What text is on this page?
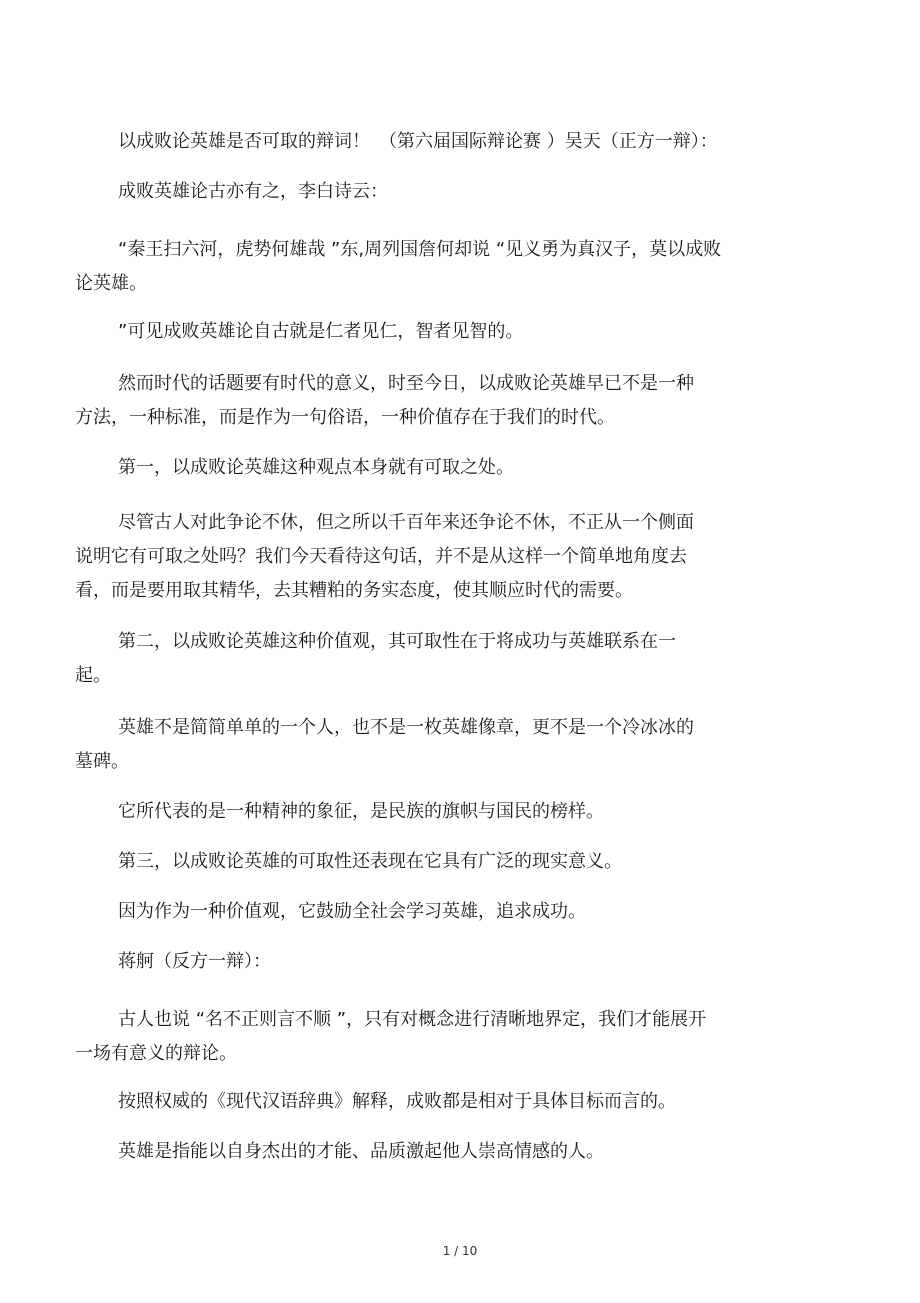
以成败论英雄是否可取的辩词！　（第六届国际辩论赛 ）吴天（正方一辩）：
成败英雄论古亦有之，李白诗云：
“秦王扫六河，虎势何雄哉 ”东,周列国詹何却说 “见义勇为真汉子，莫以成败
论英雄。
”可见成败英雄论自古就是仁者见仁，智者见智的。
然而时代的话题要有时代的意义，时至今日，以成败论英雄早已不是一种
方法，一种标准，而是作为一句俗语，一种价值存在于我们的时代。
第一，以成败论英雄这种观点本身就有可取之处。
尽管古人对此争论不休，但之所以千百年来还争论不休，不正从一个侧面
说明它有可取之处吗？我们今天看待这句话，并不是从这样一个简单地角度去
看，而是要用取其精华，去其糟粕的务实态度，使其顺应时代的需要。
第二，以成败论英雄这种价值观，其可取性在于将成功与英雄联系在一
起。
英雄不是简简单单的一个人，也不是一枚英雄像章，更不是一个冷冰冰的
墓碑。
它所代表的是一种精神的象征，是民族的旗帜与国民的榜样。
第三，以成败论英雄的可取性还表现在它具有广泛的现实意义。
因为作为一种价值观，它鼓励全社会学习英雄，追求成功。
蒋舸（反方一辩）：
古人也说 “名不正则言不顺 ”，只有对概念进行清晰地界定，我们才能展开
一场有意义的辩论。
按照权威的《现代汉语辞典》解释，成败都是相对于具体目标而言的。
英雄是指能以自身杰出的才能、品质激起他人崇高情感的人。
1 / 10
